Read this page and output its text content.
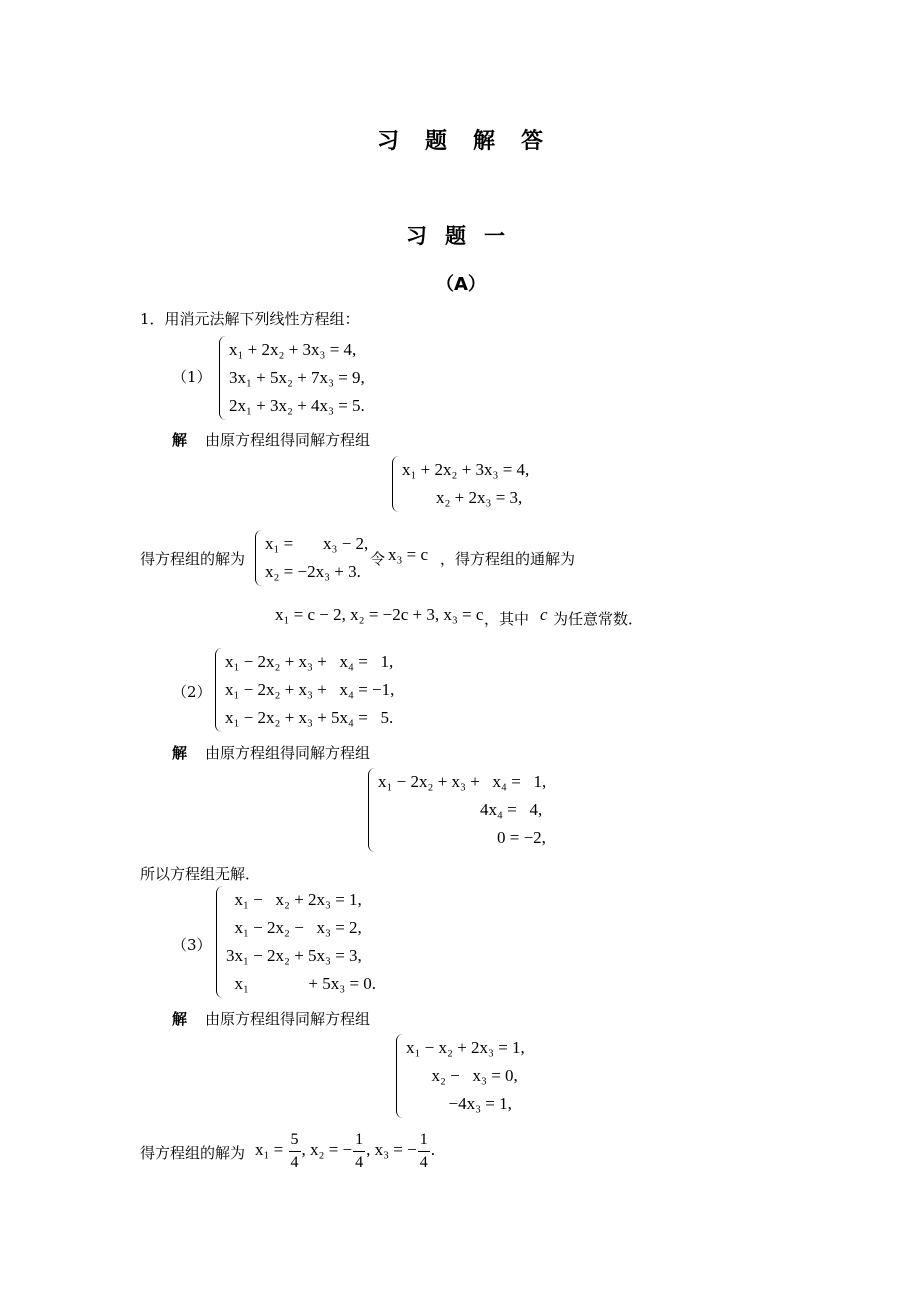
习题解答
习题一
（A）
1．用消元法解下列线性方程组：
（1）
x₁ + 2x₂ + 3x₃ = 4,
3x₁ + 5x₂ + 7x₃ = 9,
2x₁ + 3x₂ + 4x₃ = 5.
解 由原方程组得同解方程组
x₁ + 2x₂ + 3x₃ = 4,
x₂ + 2x₃ = 3,
得方程组的解为
x₁ =       x₃ − 2,
x₂ = −2x₃ + 3.
令 x₃ = c ，得方程组的通解为
x₁ = c − 2, x₂ = −2c + 3, x₃ = c ，其中 c 为任意常数．
（2）
x₁ − 2x₂ + x₃ +   x₄ =   1,
x₁ − 2x₂ + x₃ +   x₄ = −1,
x₁ − 2x₂ + x₃ + 5x₄ =   5.
解 由原方程组得同解方程组
x₁ − 2x₂ + x₃ +   x₄ =   1,
4x₄ =   4,
0 = −2,
所以方程组无解．
（3）
x₁ −   x₂ + 2x₃ = 1,
x₁ − 2x₂ −   x₃ = 2,
3x₁ − 2x₂ + 5x₃ = 3,
x₁              + 5x₃ = 0.
解 由原方程组得同解方程组
x₁ − x₂ + 2x₃ = 1,
x₂ −   x₃ = 0,
−4x₃ = 1,
得方程组的解为 $x_1 = \frac{5}{4}$ , x₂ = − $\frac{1}{4}$ , x₃ = − $\frac{1}{4}$ .
